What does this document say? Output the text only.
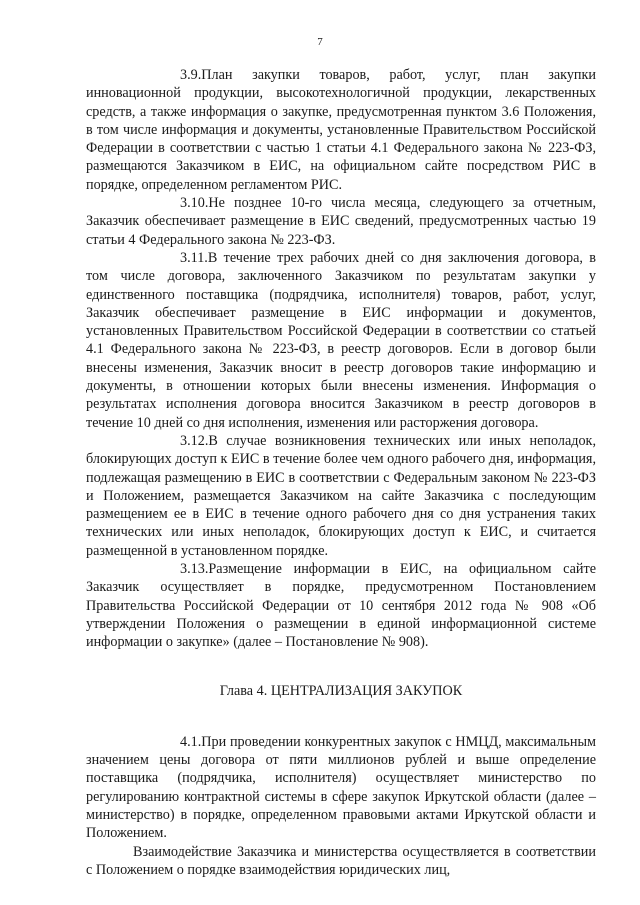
7

3.9.План закупки товаров, работ, услуг, план закупки инновационной продукции, высокотехнологичной продукции, лекарственных средств, а также информация о закупке, предусмотренная пунктом 3.6 Положения, в том числе информация и документы, установленные Правительством Российской Федерации в соответствии с частью 1 статьи 4.1 Федерального закона № 223-ФЗ, размещаются Заказчиком в ЕИС, на официальном сайте посредством РИС в порядке, определенном регламентом РИС.

3.10.Не позднее 10-го числа месяца, следующего за отчетным, Заказчик обеспечивает размещение в ЕИС сведений, предусмотренных частью 19 статьи 4 Федерального закона № 223-ФЗ.

3.11.В течение трех рабочих дней со дня заключения договора, в том числе договора, заключенного Заказчиком по результатам закупки у единственного поставщика (подрядчика, исполнителя) товаров, работ, услуг, Заказчик обеспечивает размещение в ЕИС информации и документов, установленных Правительством Российской Федерации в соответствии со статьей 4.1 Федерального закона № 223-ФЗ, в реестр договоров. Если в договор были внесены изменения, Заказчик вносит в реестр договоров такие информацию и документы, в отношении которых были внесены изменения. Информация о результатах исполнения договора вносится Заказчиком в реестр договоров в течение 10 дней со дня исполнения, изменения или расторжения договора.

3.12.В случае возникновения технических или иных неполадок, блокирующих доступ к ЕИС в течение более чем одного рабочего дня, информация, подлежащая размещению в ЕИС в соответствии с Федеральным законом № 223-ФЗ и Положением, размещается Заказчиком на сайте Заказчика с последующим размещением ее в ЕИС в течение одного рабочего дня со дня устранения таких технических или иных неполадок, блокирующих доступ к ЕИС, и считается размещенной в установленном порядке.

3.13.Размещение информации в ЕИС, на официальном сайте Заказчик осуществляет в порядке, предусмотренном Постановлением Правительства Российской Федерации от 10 сентября 2012 года № 908 «Об утверждении Положения о размещении в единой информационной системе информации о закупке» (далее – Постановление № 908).

Глава 4. ЦЕНТРАЛИЗАЦИЯ ЗАКУПОК

4.1.При проведении конкурентных закупок с НМЦД, максимальным значением цены договора от пяти миллионов рублей и выше определение поставщика (подрядчика, исполнителя) осуществляет министерство по регулированию контрактной системы в сфере закупок Иркутской области (далее – министерство) в порядке, определенном правовыми актами Иркутской области и Положением.

Взаимодействие Заказчика и министерства осуществляется в соответствии с Положением о порядке взаимодействия юридических лиц,
